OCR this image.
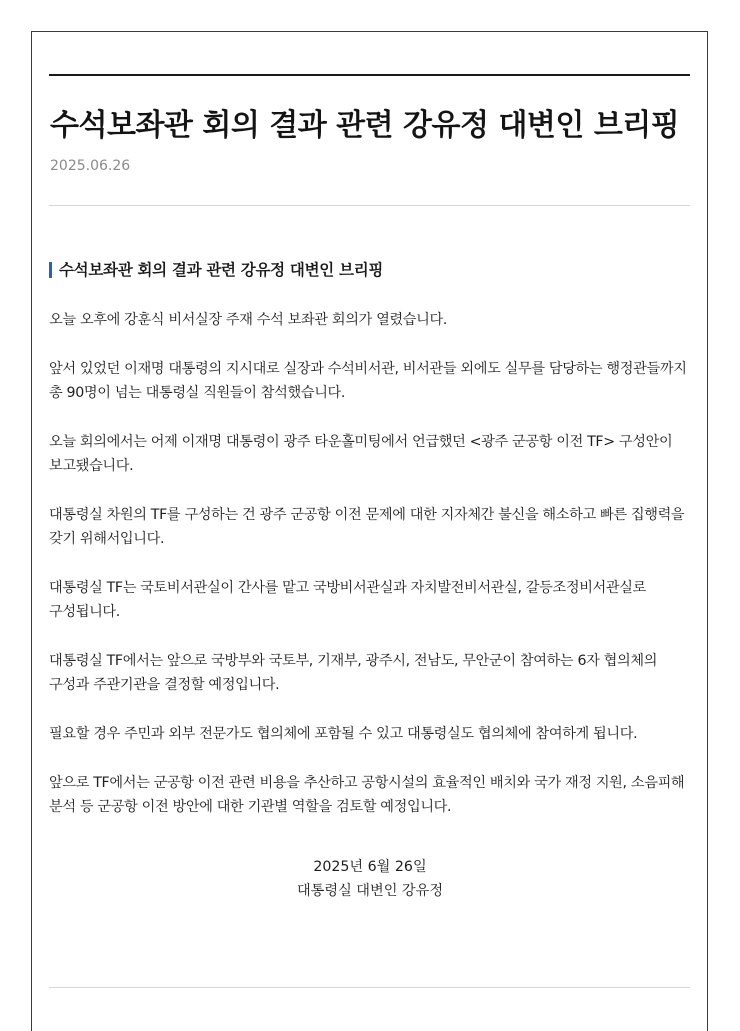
수석보좌관 회의 결과 관련 강유정 대변인 브리핑
2025.06.26
수석보좌관 회의 결과 관련 강유정 대변인 브리핑

오늘 오후에 강훈식 비서실장 주재 수석 보좌관 회의가 열렸습니다.

앞서 있었던 이재명 대통령의 지시대로 실장과 수석비서관, 비서관들 외에도 실무를 담당하는 행정관들까지 총 90명이 넘는 대통령실 직원들이 참석했습니다.

오늘 회의에서는 어제 이재명 대통령이 광주 타운홀미팅에서 언급했던 <광주 군공항 이전 TF> 구성안이 보고됐습니다.

대통령실 차원의 TF를 구성하는 건 광주 군공항 이전 문제에 대한 지자체간 불신을 해소하고 빠른 집행력을 갖기 위해서입니다.

대통령실 TF는 국토비서관실이 간사를 맡고 국방비서관실과 자치발전비서관실, 갈등조정비서관실로 구성됩니다.

대통령실 TF에서는 앞으로 국방부와 국토부, 기재부, 광주시, 전남도, 무안군이 참여하는 6자 협의체의 구성과 주관기관을 결정할 예정입니다.

필요할 경우 주민과 외부 전문가도 협의체에 포함될 수 있고 대통령실도 협의체에 참여하게 됩니다.

앞으로 TF에서는 군공항 이전 관련 비용을 추산하고 공항시설의 효율적인 배치와 국가 재정 지원, 소음피해 분석 등 군공항 이전 방안에 대한 기관별 역할을 검토할 예정입니다.

2025년 6월 26일
대통령실 대변인 강유정
